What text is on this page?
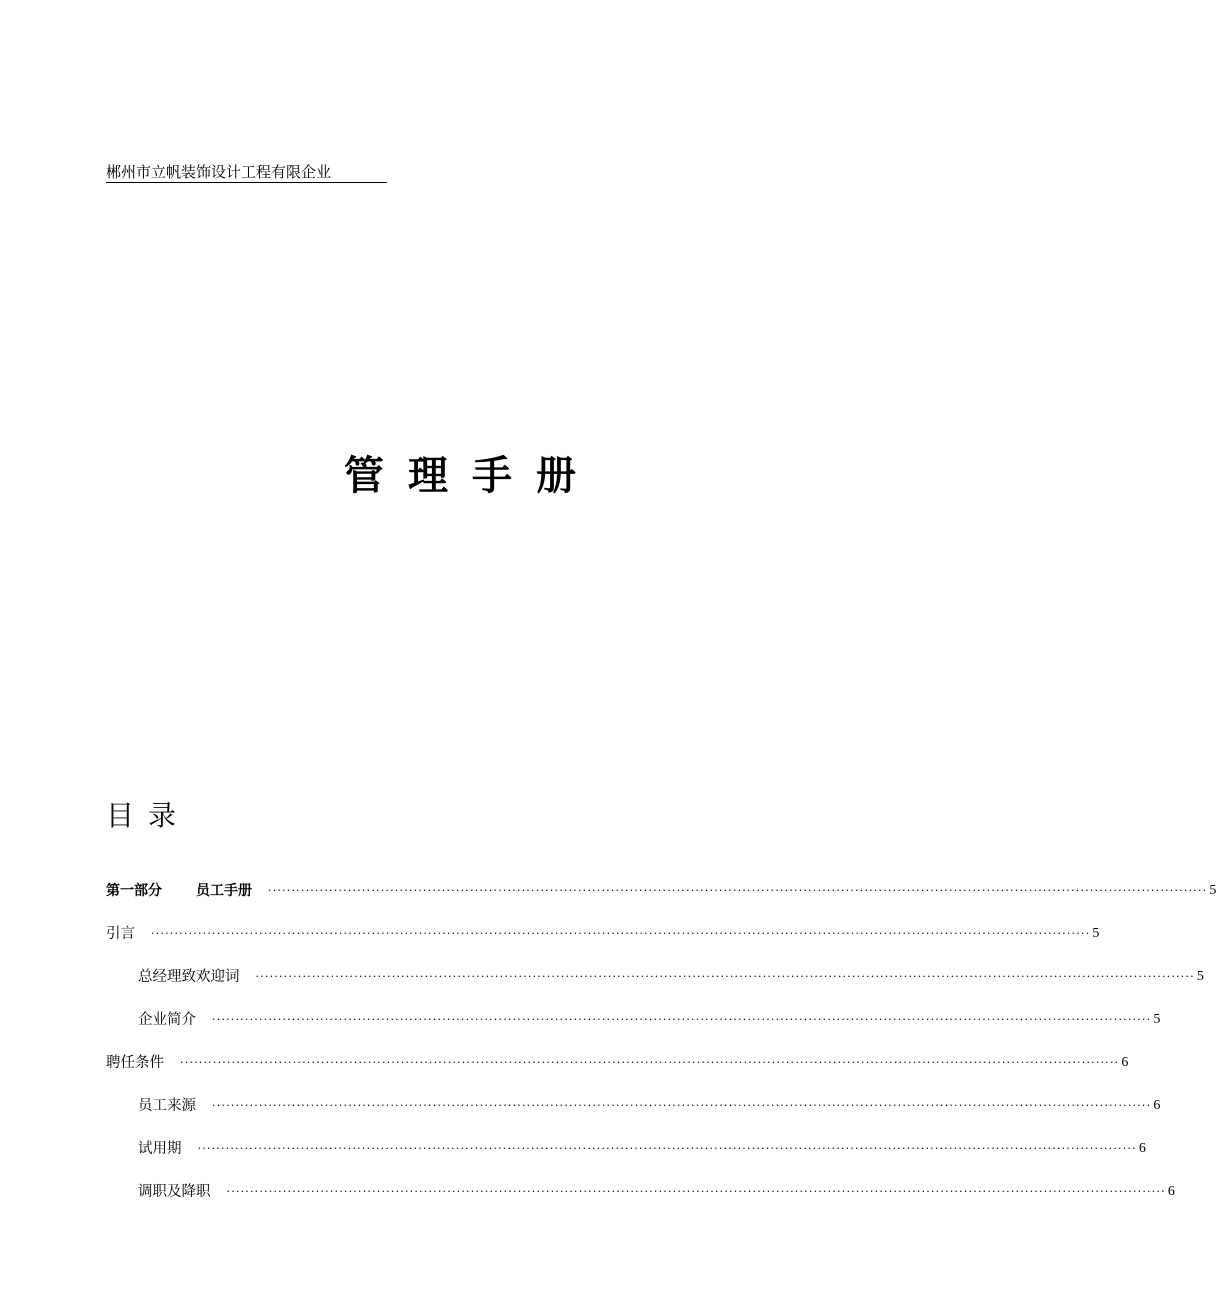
郴州市立帆装饰设计工程有限企业
管理手册
目录
第一部分 员工手册 ········································································································································································································ 5
引言 ········································································································································································································ 5
总经理致欢迎词 ········································································································································································································ 5
企业简介 ········································································································································································································ 5
聘任条件 ········································································································································································································ 6
员工来源 ········································································································································································································ 6
试用期 ········································································································································································································ 6
调职及降职 ········································································································································································································ 6
